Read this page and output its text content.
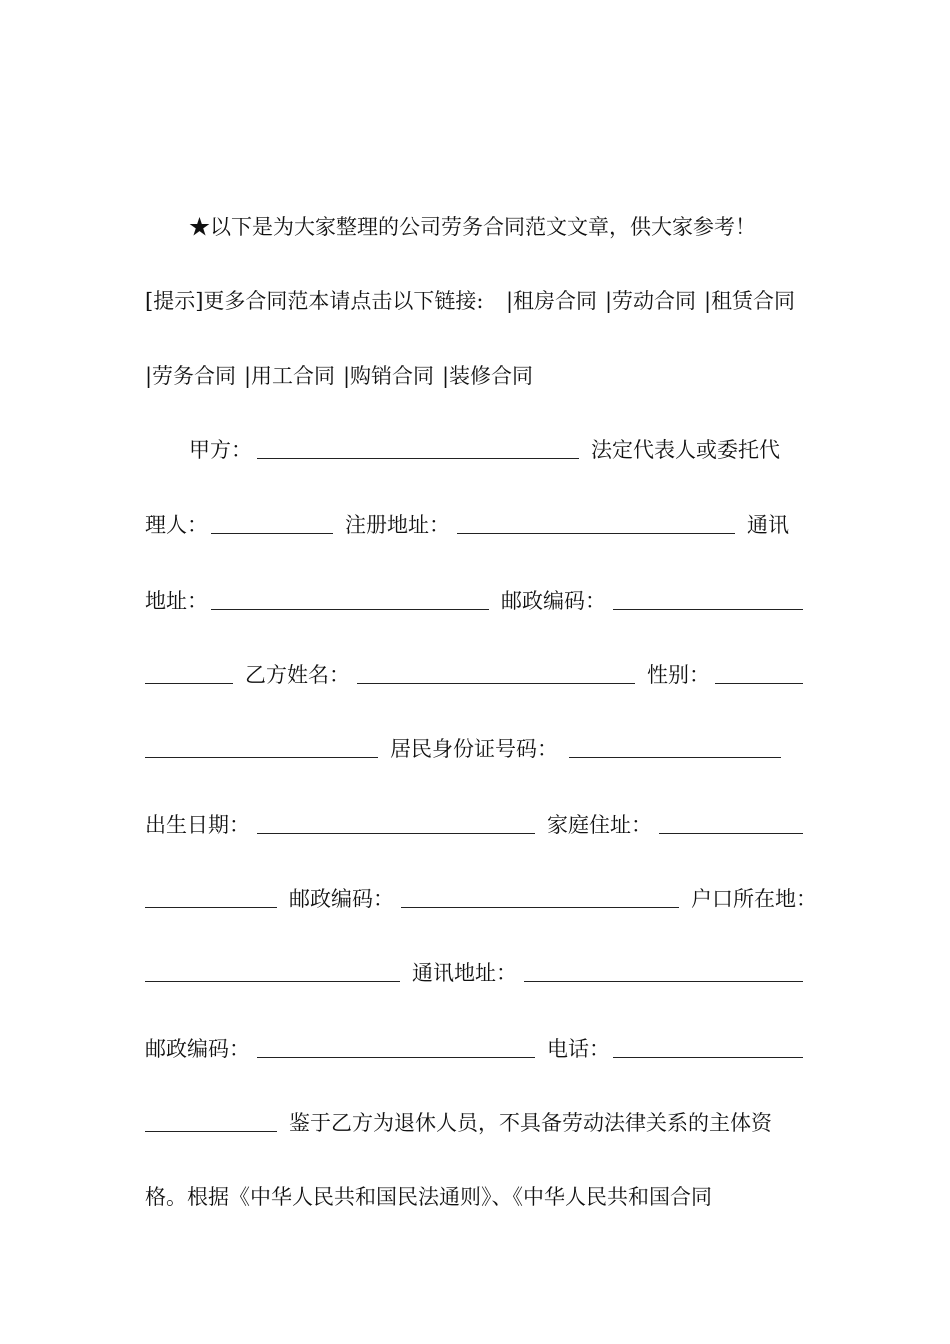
★以下是为大家整理的公司劳务合同范文文章，供大家参考！
[提示]更多合同范本请点击以下链接: | 租房合同 | 劳动合同 | 租赁合同
| 劳务合同 | 用工合同 | 购销合同 | 装修合同
甲方：	法定代表人或委托代
理人：	注册地址：	通讯
地址：	邮政编码：
乙方姓名：	性别：
居民身份证号码：
出生日期：	家庭住址：
邮政编码：	户口所在地：
通讯地址：
邮政编码：	电话：
鉴于乙方为退休人员，不具备劳动法律关系的主体资
格。根据《中华人民共和国民法通则》、《中华人民共和国合同
